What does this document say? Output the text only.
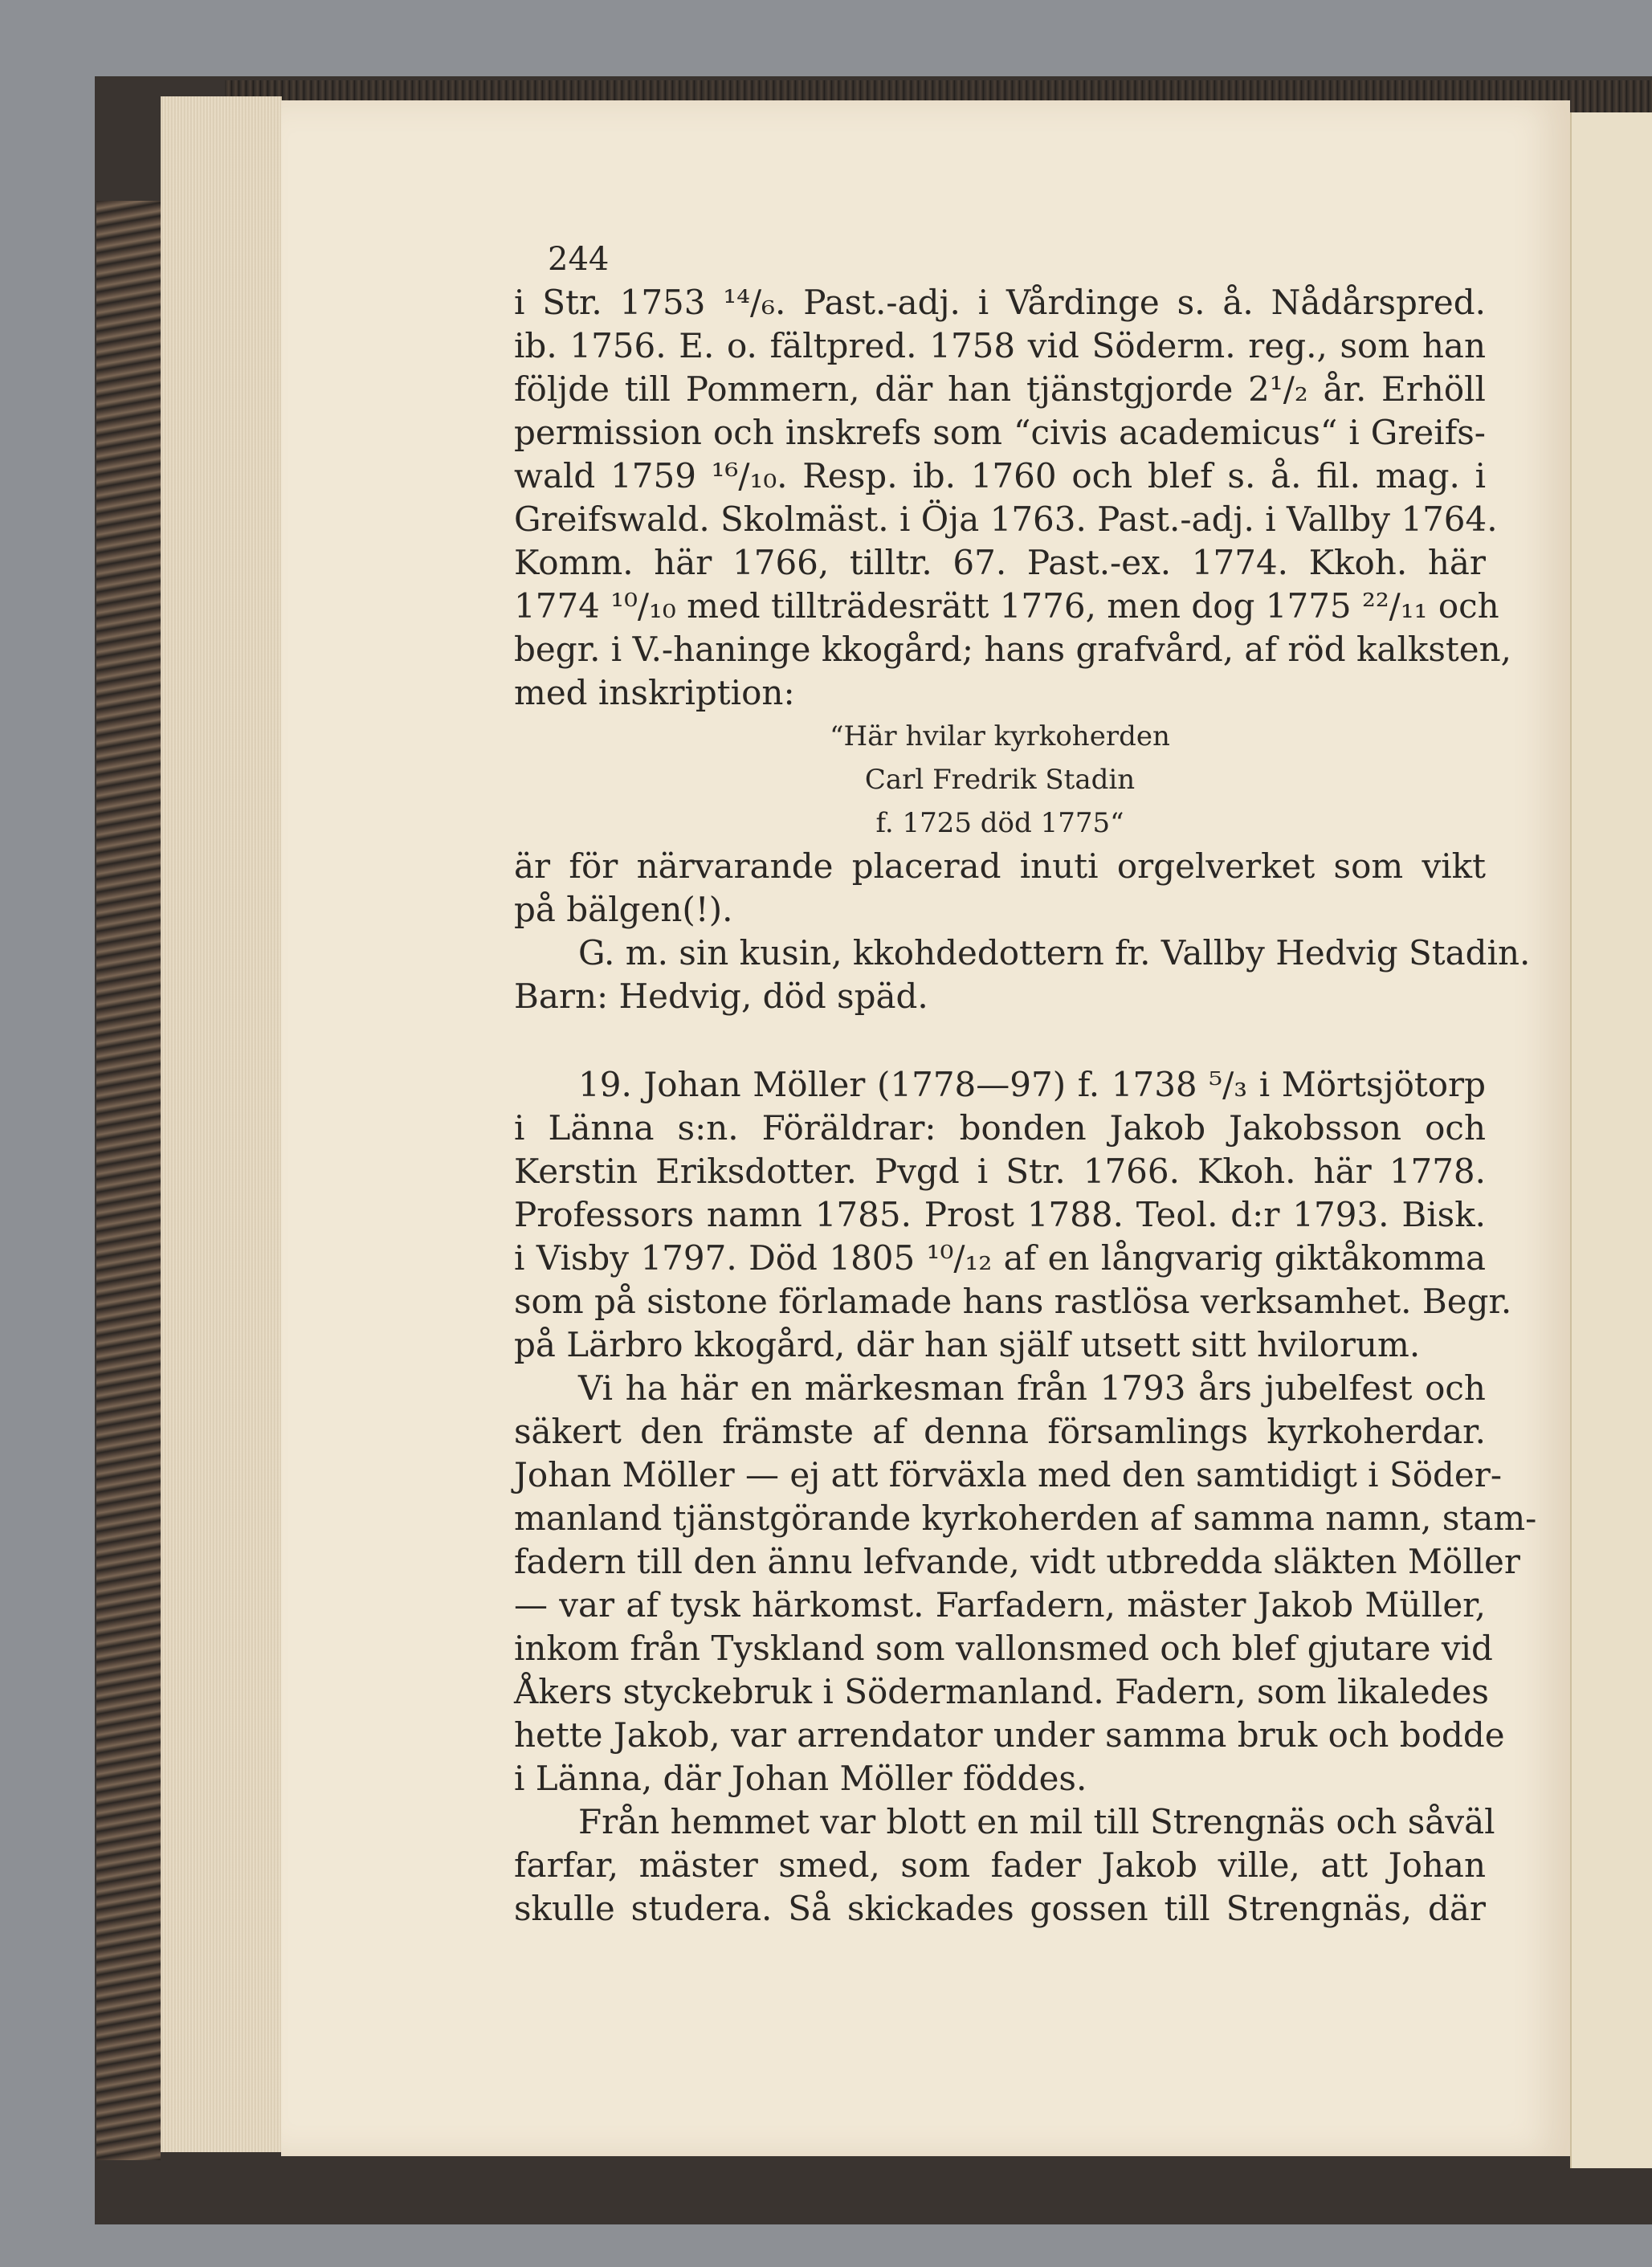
244
i Str. 1753 ¹⁴/₆. Past.-adj. i Vårdinge s. å. Nådårspred.
ib. 1756. E. o. fältpred. 1758 vid Söderm. reg., som han
följde till Pommern, där han tjänstgjorde 2¹/₂ år. Erhöll
permission och inskrefs som “civis academicus“ i Greifs-
wald 1759 ¹⁶/₁₀. Resp. ib. 1760 och blef s. å. fil. mag. i
Greifswald. Skolmäst. i Öja 1763. Past.-adj. i Vallby 1764.
Komm. här 1766, tilltr. 67. Past.-ex. 1774. Kkoh. här
1774 ¹⁰/₁₀ med tillträdesrätt 1776, men dog 1775 ²²/₁₁ och
begr. i V.-haninge kkogård; hans grafvård, af röd kalksten,
med inskription:
“Här hvilar kyrkoherden
Carl Fredrik Stadin
f. 1725 död 1775“
är för närvarande placerad inuti orgelverket som vikt
på bälgen(!).
G. m. sin kusin, kkohdedottern fr. Vallby Hedvig Stadin.
Barn: Hedvig, död späd.
19. Johan Möller (1778—97) f. 1738 ⁵/₃ i Mörtsjötorp
i Länna s:n. Föräldrar: bonden Jakob Jakobsson och
Kerstin Eriksdotter. Pvgd i Str. 1766. Kkoh. här 1778.
Professors namn 1785. Prost 1788. Teol. d:r 1793. Bisk.
i Visby 1797. Död 1805 ¹⁰/₁₂ af en långvarig giktåkomma
som på sistone förlamade hans rastlösa verksamhet. Begr.
på Lärbro kkogård, där han själf utsett sitt hvilorum.
Vi ha här en märkesman från 1793 års jubelfest och
säkert den främste af denna församlings kyrkoherdar.
Johan Möller — ej att förväxla med den samtidigt i Söder-
manland tjänstgörande kyrkoherden af samma namn, stam-
fadern till den ännu lefvande, vidt utbredda släkten Möller
— var af tysk härkomst. Farfadern, mäster Jakob Müller,
inkom från Tyskland som vallonsmed och blef gjutare vid
Åkers styckebruk i Södermanland. Fadern, som likaledes
hette Jakob, var arrendator under samma bruk och bodde
i Länna, där Johan Möller föddes.
Från hemmet var blott en mil till Strengnäs och såväl
farfar, mäster smed, som fader Jakob ville, att Johan
skulle studera. Så skickades gossen till Strengnäs, där
